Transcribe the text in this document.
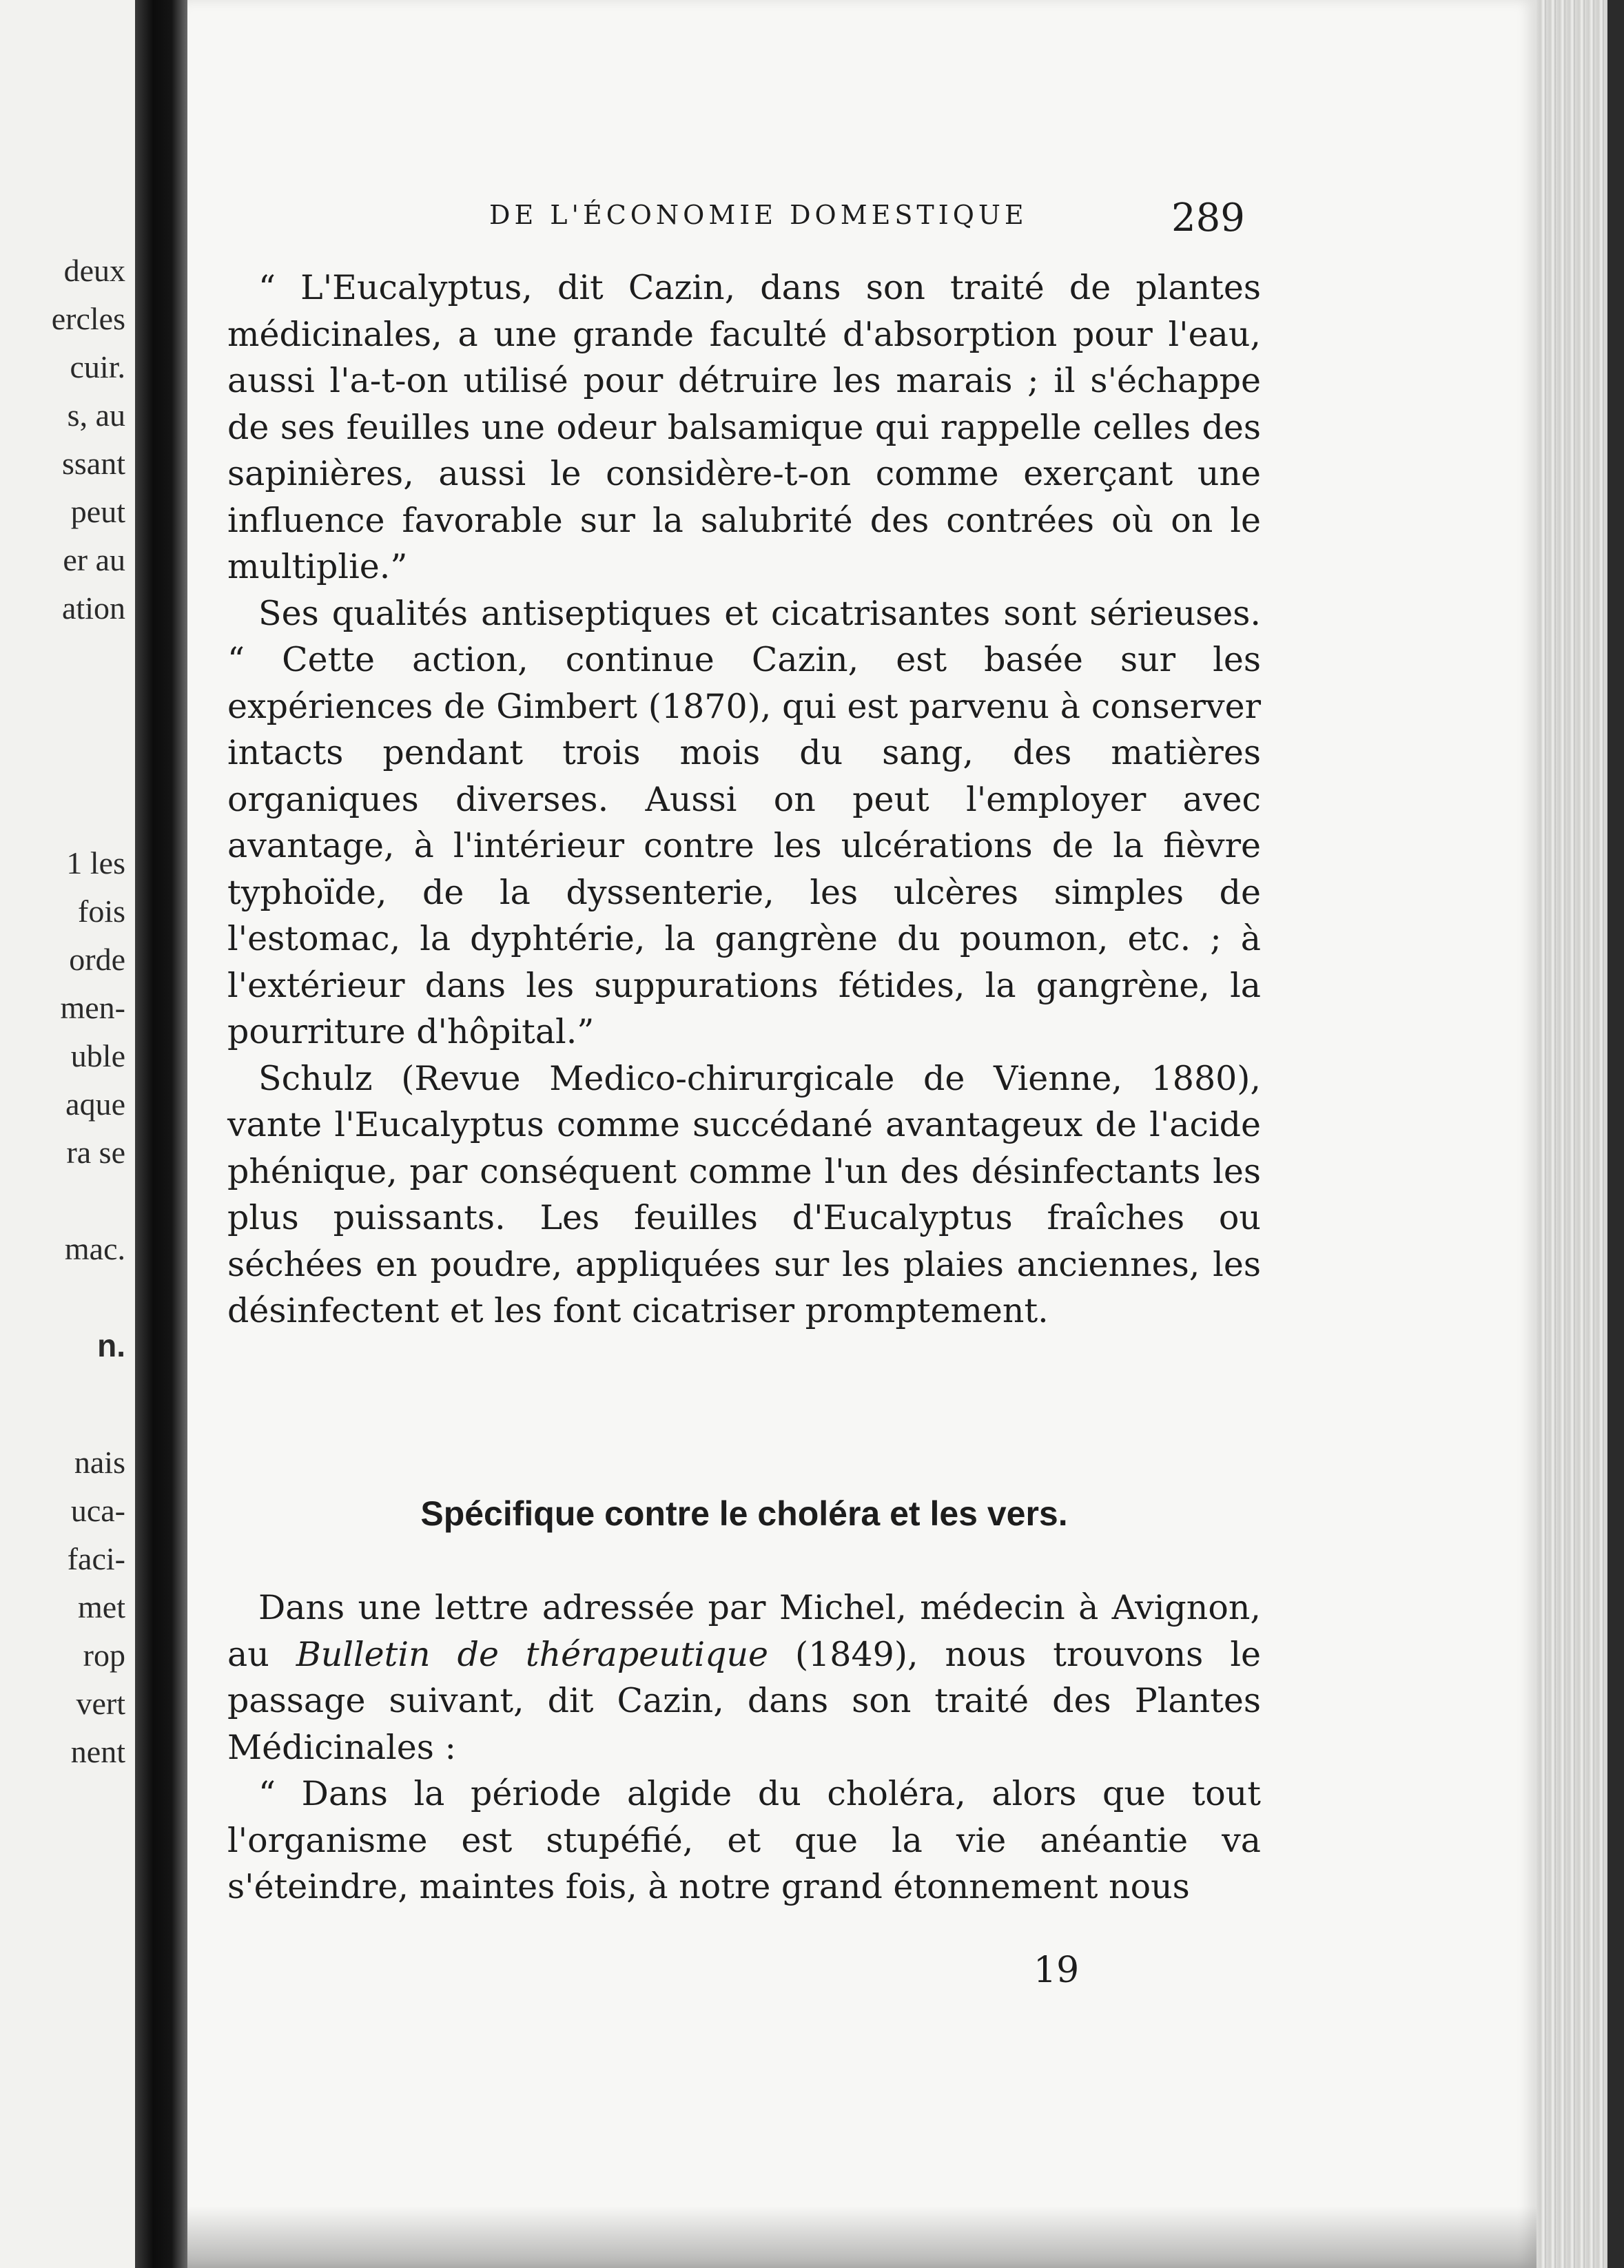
deux
ercles
cuir.
s, au
ssant
peut
er au
ation
1 les
fois
orde
men-
uble
aque
ra se
mac.
n.
nais
uca-
faci-
met
rop
vert
nent
DE L'ÉCONOMIE DOMESTIQUE	289

“ L'Eucalyptus, dit Cazin, dans son traité de plantes médicinales, a une grande faculté d'absorption pour l'eau, aussi l'a-t-on utilisé pour détruire les marais ; il s'échappe de ses feuilles une odeur balsamique qui rappelle celles des sapinières, aussi le considère-t-on comme exerçant une influence favorable sur la salubrité des contrées où on le multiplie.”

Ses qualités antiseptiques et cicatrisantes sont sérieuses. “ Cette action, continue Cazin, est basée sur les expériences de Gimbert (1870), qui est parvenu à conserver intacts pendant trois mois du sang, des matières organiques diverses. Aussi on peut l'employer avec avantage, à l'intérieur contre les ulcérations de la fièvre typhoïde, de la dyssenterie, les ulcères simples de l'estomac, la dyphtérie, la gangrène du poumon, etc. ; à l'extérieur dans les suppurations fétides, la gangrène, la pourriture d'hôpital.”

Schulz (Revue Medico-chirurgicale de Vienne, 1880), vante l'Eucalyptus comme succédané avantageux de l'acide phénique, par conséquent comme l'un des désinfectants les plus puissants. Les feuilles d'Eucalyptus fraîches ou séchées en poudre, appliquées sur les plaies anciennes, les désinfectent et les font cicatriser promptement.

Spécifique contre le choléra et les vers.

Dans une lettre adressée par Michel, médecin à Avignon, au Bulletin de thérapeutique (1849), nous trouvons le passage suivant, dit Cazin, dans son traité des Plantes Médicinales :

“ Dans la période algide du choléra, alors que tout l'organisme est stupéfié, et que la vie anéantie va s'éteindre, maintes fois, à notre grand étonnement nous

19
